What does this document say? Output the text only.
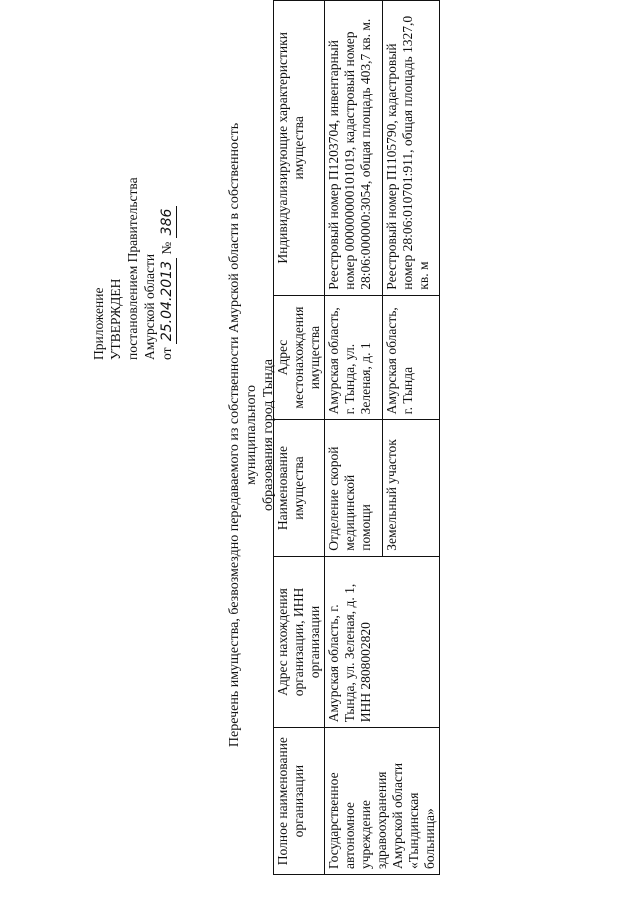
Приложение УТВЕРЖДЕН постановлением Правительства Амурской области от 25.04.2013 № 386	Перечень имущества, безвозмездно передаваемого из собственности Амурской области в собственность муниципального образования город Тында
Полное наименование организации	Адрес нахождения организации, ИНН организации	Наименование имущества	Адрес местонахождения имущества	Индивидуализирующие характеристики имущества
Государственное автономное учреждение здравоохранения Амурской области «Тындинская больница»	Амурская область, г. Тында, ул. Зеленая, д. 1, ИНН 2808002820	Отделение скорой медицинской помощи	Амурская область, г. Тында, ул. Зеленая, д. 1	Реестровый номер П1203704, инвентарный номер 000000000101019, кадастровый номер 28:06:000000:3054, общая площадь 403,7 кв. м.
		Земельный участок	Амурская область, г. Тында	Реестровый номер П1105790, кадастровый номер 28:06:010701:911, общая площадь 1327,0 кв. м
